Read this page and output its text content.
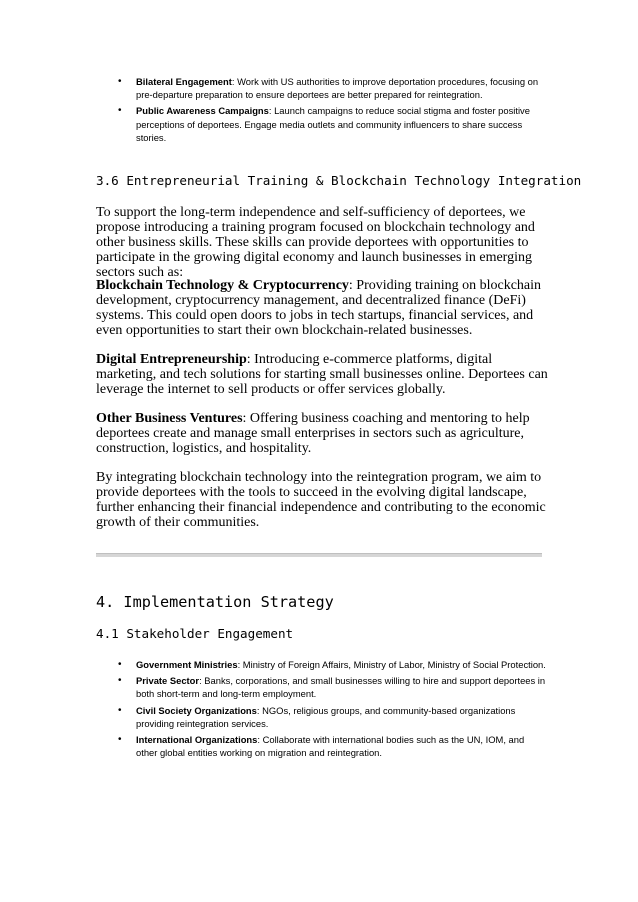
• Bilateral Engagement: Work with US authorities to improve deportation procedures, focusing on pre-departure preparation to ensure deportees are better prepared for reintegration.
• Public Awareness Campaigns: Launch campaigns to reduce social stigma and foster positive perceptions of deportees. Engage media outlets and community influencers to share success stories.
3.6 Entrepreneurial Training & Blockchain Technology Integration

To support the long-term independence and self-sufficiency of deportees, we propose introducing a training program focused on blockchain technology and other business skills. These skills can provide deportees with opportunities to participate in the growing digital economy and launch businesses in emerging sectors such as:

Blockchain Technology & Cryptocurrency: Providing training on blockchain development, cryptocurrency management, and decentralized finance (DeFi) systems. This could open doors to jobs in tech startups, financial services, and even opportunities to start their own blockchain-related businesses.

Digital Entrepreneurship: Introducing e-commerce platforms, digital marketing, and tech solutions for starting small businesses online. Deportees can leverage the internet to sell products or offer services globally.

Other Business Ventures: Offering business coaching and mentoring to help deportees create and manage small enterprises in sectors such as agriculture, construction, logistics, and hospitality.

By integrating blockchain technology into the reintegration program, we aim to provide deportees with the tools to succeed in the evolving digital landscape, further enhancing their financial independence and contributing to the economic growth of their communities.

4. Implementation Strategy
4.1 Stakeholder Engagement
• Government Ministries: Ministry of Foreign Affairs, Ministry of Labor, Ministry of Social Protection.
• Private Sector: Banks, corporations, and small businesses willing to hire and support deportees in both short-term and long-term employment.
• Civil Society Organizations: NGOs, religious groups, and community-based organizations providing reintegration services.
• International Organizations: Collaborate with international bodies such as the UN, IOM, and other global entities working on migration and reintegration.
